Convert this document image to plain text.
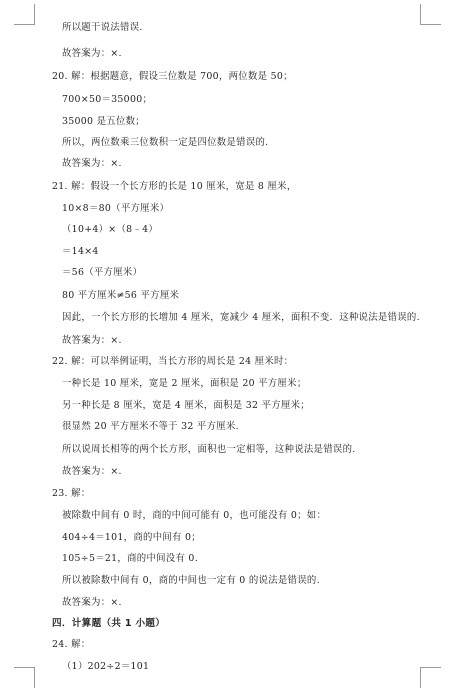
所以题干说法错误.
故答案为：×.
20. 解：根据题意，假设三位数是 700，两位数是 50；
700×50＝35000；
35000 是五位数；
所以，两位数乘三位数积一定是四位数是错误的.
故答案为：×.
21. 解：假设一个长方形的长是 10 厘米，宽是 8 厘米，
10×8＝80（平方厘米）
（10+4）×（8﹣4）
＝14×4
＝56（平方厘米）
80 平方厘米≠56 平方厘米
因此，一个长方形的长增加 4 厘米，宽减少 4 厘米，面积不变．这种说法是错误的.
故答案为：×.
22. 解：可以举例证明，当长方形的周长是 24 厘米时：
一种长是 10 厘米，宽是 2 厘米，面积是 20 平方厘米；
另一种长是 8 厘米，宽是 4 厘米，面积是 32 平方厘米；
很显然 20 平方厘米不等于 32 平方厘米.
所以说周长相等的两个长方形，面积也一定相等，这种说法是错误的.
故答案为：×.
23. 解：
被除数中间有 0 时，商的中间可能有 0，也可能没有 0；如：
404÷4＝101，商的中间有 0；
105÷5＝21，商的中间没有 0.
所以被除数中间有 0，商的中间也一定有 0 的说法是错误的.
故答案为：×.
四．计算题（共 1 小题）
24. 解：
（1）202÷2＝101
